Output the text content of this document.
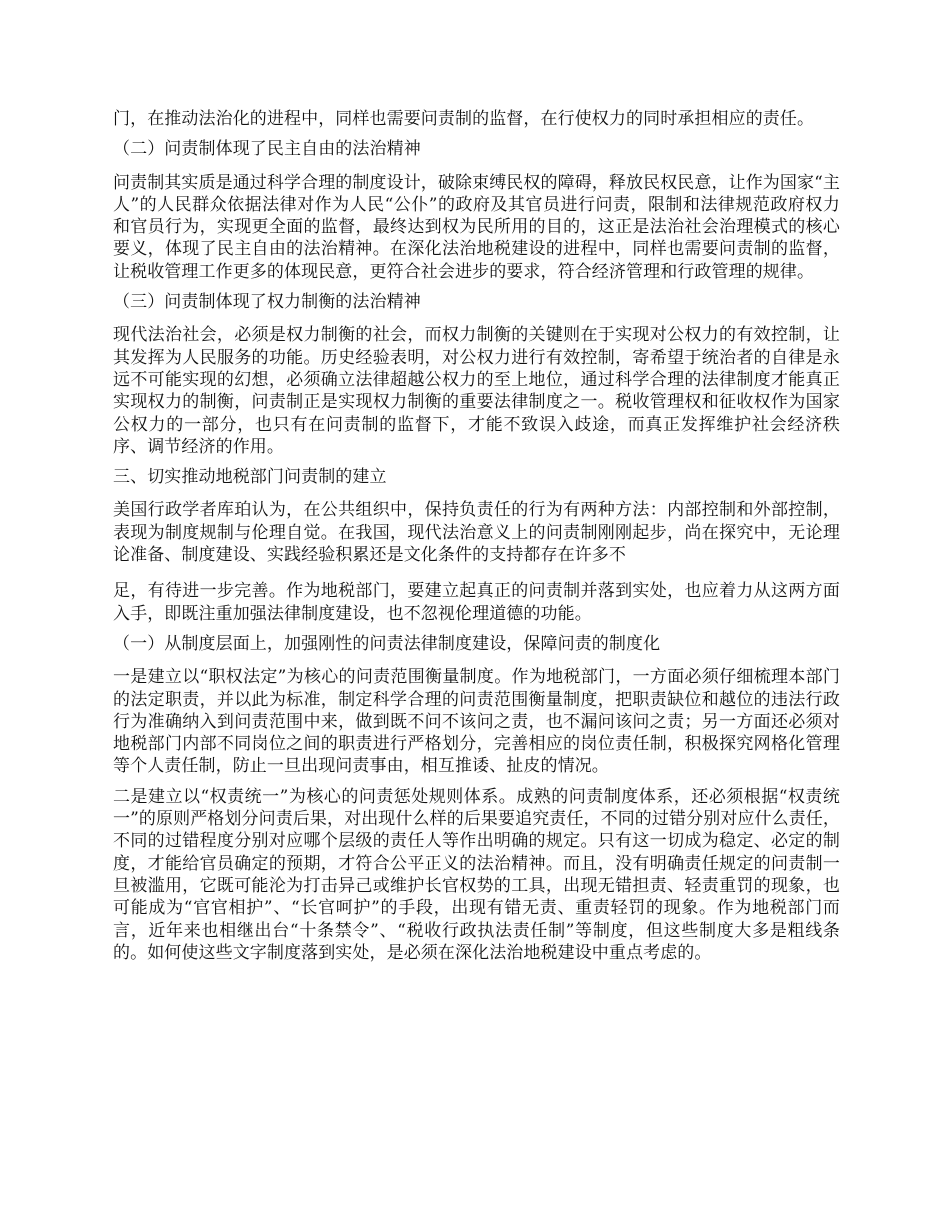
门，在推动法治化的进程中，同样也需要问责制的监督，在行使权力的同时承担相应的责任。

（二）问责制体现了民主自由的法治精神

问责制其实质是通过科学合理的制度设计，破除束缚民权的障碍，释放民权民意，让作为国家“主人”的人民群众依据法律对作为人民“公仆”的政府及其官员进行问责，限制和法律规范政府权力和官员行为，实现更全面的监督，最终达到权为民所用的目的，这正是法治社会治理模式的核心要义，体现了民主自由的法治精神。在深化法治地税建设的进程中，同样也需要问责制的监督，让税收管理工作更多的体现民意，更符合社会进步的要求，符合经济管理和行政管理的规律。

（三）问责制体现了权力制衡的法治精神

现代法治社会，必须是权力制衡的社会，而权力制衡的关键则在于实现对公权力的有效控制，让其发挥为人民服务的功能。历史经验表明，对公权力进行有效控制，寄希望于统治者的自律是永远不可能实现的幻想，必须确立法律超越公权力的至上地位，通过科学合理的法律制度才能真正实现权力的制衡，问责制正是实现权力制衡的重要法律制度之一。税收管理权和征收权作为国家公权力的一部分，也只有在问责制的监督下，才能不致误入歧途，而真正发挥维护社会经济秩序、调节经济的作用。

三、切实推动地税部门问责制的建立

美国行政学者库珀认为，在公共组织中，保持负责任的行为有两种方法：内部控制和外部控制，表现为制度规制与伦理自觉。在我国，现代法治意义上的问责制刚刚起步，尚在探究中，无论理论准备、制度建设、实践经验积累还是文化条件的支持都存在许多不

足，有待进一步完善。作为地税部门，要建立起真正的问责制并落到实处，也应着力从这两方面入手，即既注重加强法律制度建设，也不忽视伦理道德的功能。

（一）从制度层面上，加强刚性的问责法律制度建设，保障问责的制度化

一是建立以“职权法定”为核心的问责范围衡量制度。作为地税部门，一方面必须仔细梳理本部门的法定职责，并以此为标准，制定科学合理的问责范围衡量制度，把职责缺位和越位的违法行政行为准确纳入到问责范围中来，做到既不问不该问之责，也不漏问该问之责；另一方面还必须对地税部门内部不同岗位之间的职责进行严格划分，完善相应的岗位责任制，积极探究网格化管理等个人责任制，防止一旦出现问责事由，相互推诿、扯皮的情况。

二是建立以“权责统一”为核心的问责惩处规则体系。成熟的问责制度体系，还必须根据“权责统一”的原则严格划分问责后果，对出现什么样的后果要追究责任，不同的过错分别对应什么责任，不同的过错程度分别对应哪个层级的责任人等作出明确的规定。只有这一切成为稳定、必定的制度，才能给官员确定的预期，才符合公平正义的法治精神。而且，没有明确责任规定的问责制一旦被滥用，它既可能沦为打击异己或维护长官权势的工具，出现无错担责、轻责重罚的现象，也可能成为“官官相护”、“长官呵护”的手段，出现有错无责、重责轻罚的现象。作为地税部门而言，近年来也相继出台“十条禁令”、“税收行政执法责任制”等制度，但这些制度大多是粗线条的。如何使这些文字制度落到实处，是必须在深化法治地税建设中重点考虑的。
